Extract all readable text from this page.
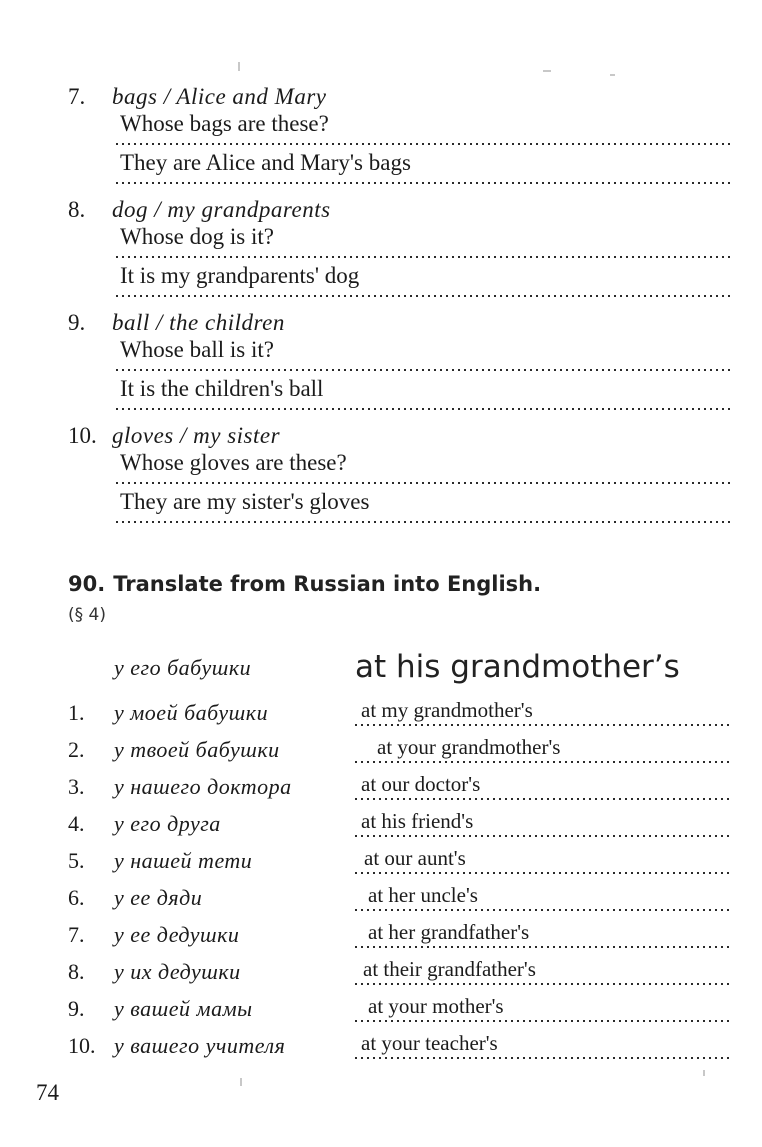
7. bags / Alice and Mary
Whose bags are these?
They are Alice and Mary's bags
8. dog / my grandparents
Whose dog is it?
It is my grandparents' dog
9. ball / the children
Whose ball is it?
It is the children's ball
10. gloves / my sister
Whose gloves are these?
They are my sister's gloves
90. Translate from Russian into English.
(§ 4)
у его бабушки	at his grandmother’s
1.	у моей бабушки	at my grandmother's
2.	у твоей бабушки	at your grandmother's
3.	у нашего доктора	at our doctor's
4.	у его друга	at his friend's
5.	у нашей тети	at our aunt's
6.	у ее дяди	at her uncle's
7.	у ее дедушки	at her grandfather's
8.	у их дедушки	at their grandfather's
9.	у вашей мамы	at your mother's
10. у вашего учителя	at your teacher's
74
